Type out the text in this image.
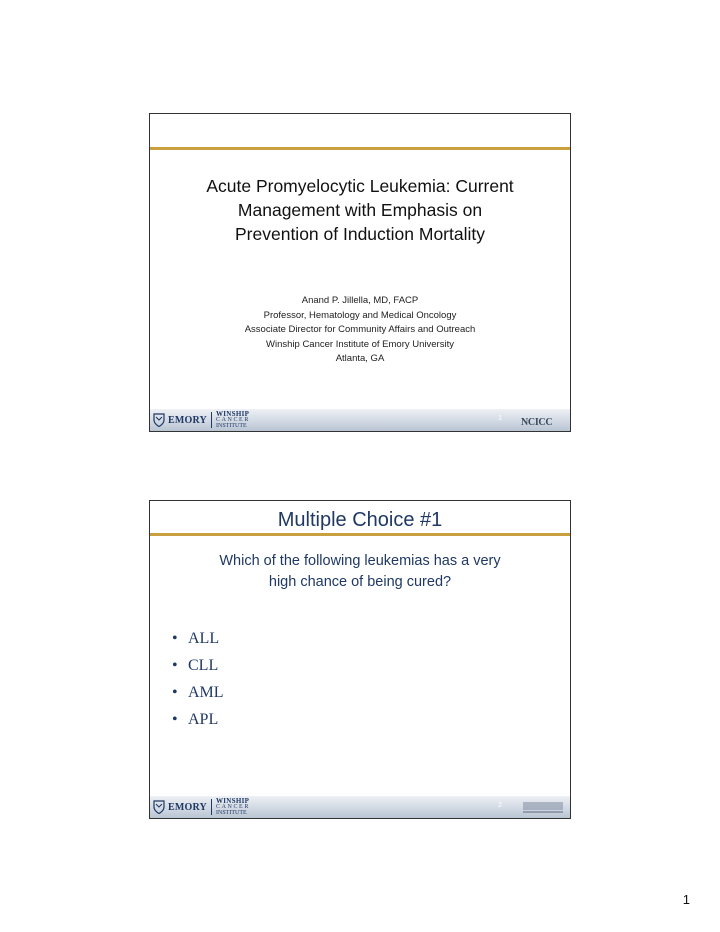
Acute Promyelocytic Leukemia: Current
Management with Emphasis on
Prevention of Induction Mortality
Anand P. Jillella, MD, FACP
Professor, Hematology and Medical Oncology
Associate Director for Community Affairs and Outreach
Winship Cancer Institute of Emory University
Atlanta, GA
EMORY
WINSHIP
CANCER
INSTITUTE
1 NCICC
Multiple Choice #1
Which of the following leukemias has a very
high chance of being cured?
• ALL
• CLL
• AML
• APL
EMORY
WINSHIP
CANCER
INSTITUTE
2
1
